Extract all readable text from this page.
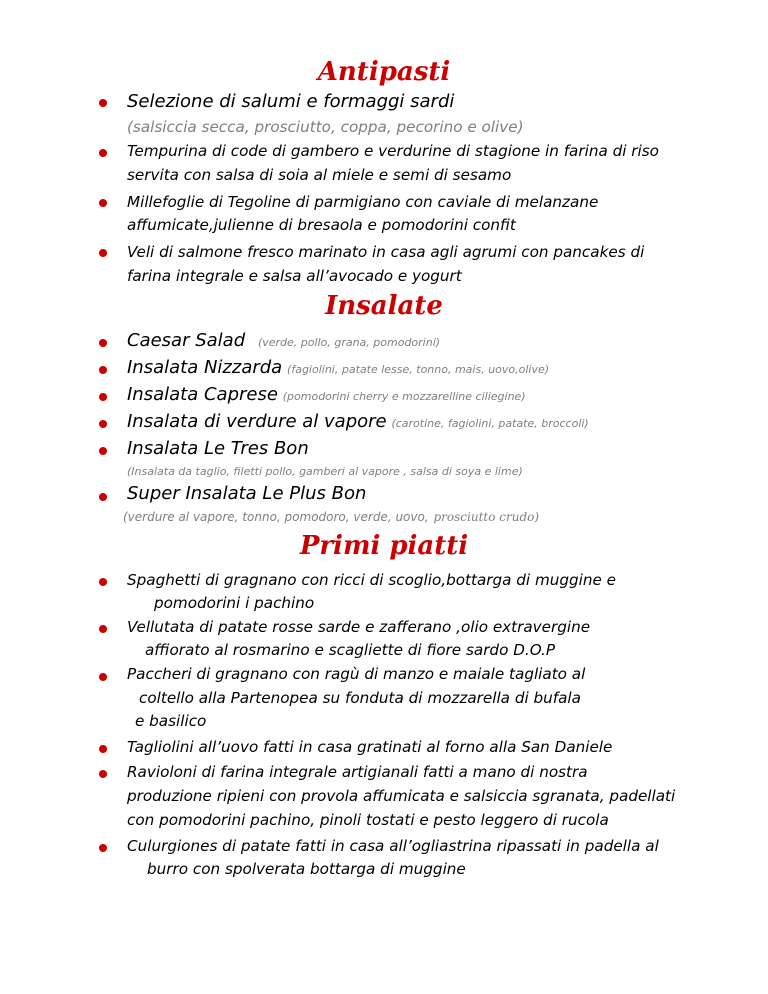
Antipasti
Selezione di salumi e formaggi sardi
(salsiccia secca, prosciutto, coppa, pecorino e olive)
Tempurina di code di gambero e verdurine di stagione in farina di riso
servita con salsa di soia al miele e semi di sesamo
Millefoglie di Tegoline di parmigiano con caviale di melanzane
affumicate,julienne di bresaola e pomodorini confit
Veli di salmone fresco marinato in casa agli agrumi con pancakes di
farina integrale e salsa all’avocado e yogurt
Insalate
Caesar Salad (verde, pollo, grana, pomodorini)
Insalata Nizzarda (fagiolini, patate lesse, tonno, mais, uovo,olive)
Insalata Caprese (pomodorini cherry e mozzarelline ciliegine)
Insalata di verdure al vapore (carotine, fagiolini, patate, broccoli)
Insalata Le Tres Bon
(Insalata da taglio, filetti pollo, gamberi al vapore , salsa di soya e lime)
Super Insalata Le Plus Bon
(verdure al vapore, tonno, pomodoro, verde, uovo, prosciutto crudo)
Primi piatti
Spaghetti di gragnano con ricci di scoglio,bottarga di muggine e
pomodorini i pachino
Vellutata di patate rosse sarde e zafferano ,olio extravergine
affiorato al rosmarino e scagliette di fiore sardo D.O.P
Paccheri di gragnano con ragù di manzo e maiale tagliato al
coltello alla Partenopea su fonduta di mozzarella di bufala
e basilico
Tagliolini all’uovo fatti in casa gratinati al forno alla San Daniele
Ravioloni di farina integrale artigianali fatti a mano di nostra
produzione ripieni con provola affumicata e salsiccia sgranata, padellati
con pomodorini pachino, pinoli tostati e pesto leggero di rucola
Culurgiones di patate fatti in casa all’ogliastrina ripassati in padella al
burro con spolverata bottarga di muggine
